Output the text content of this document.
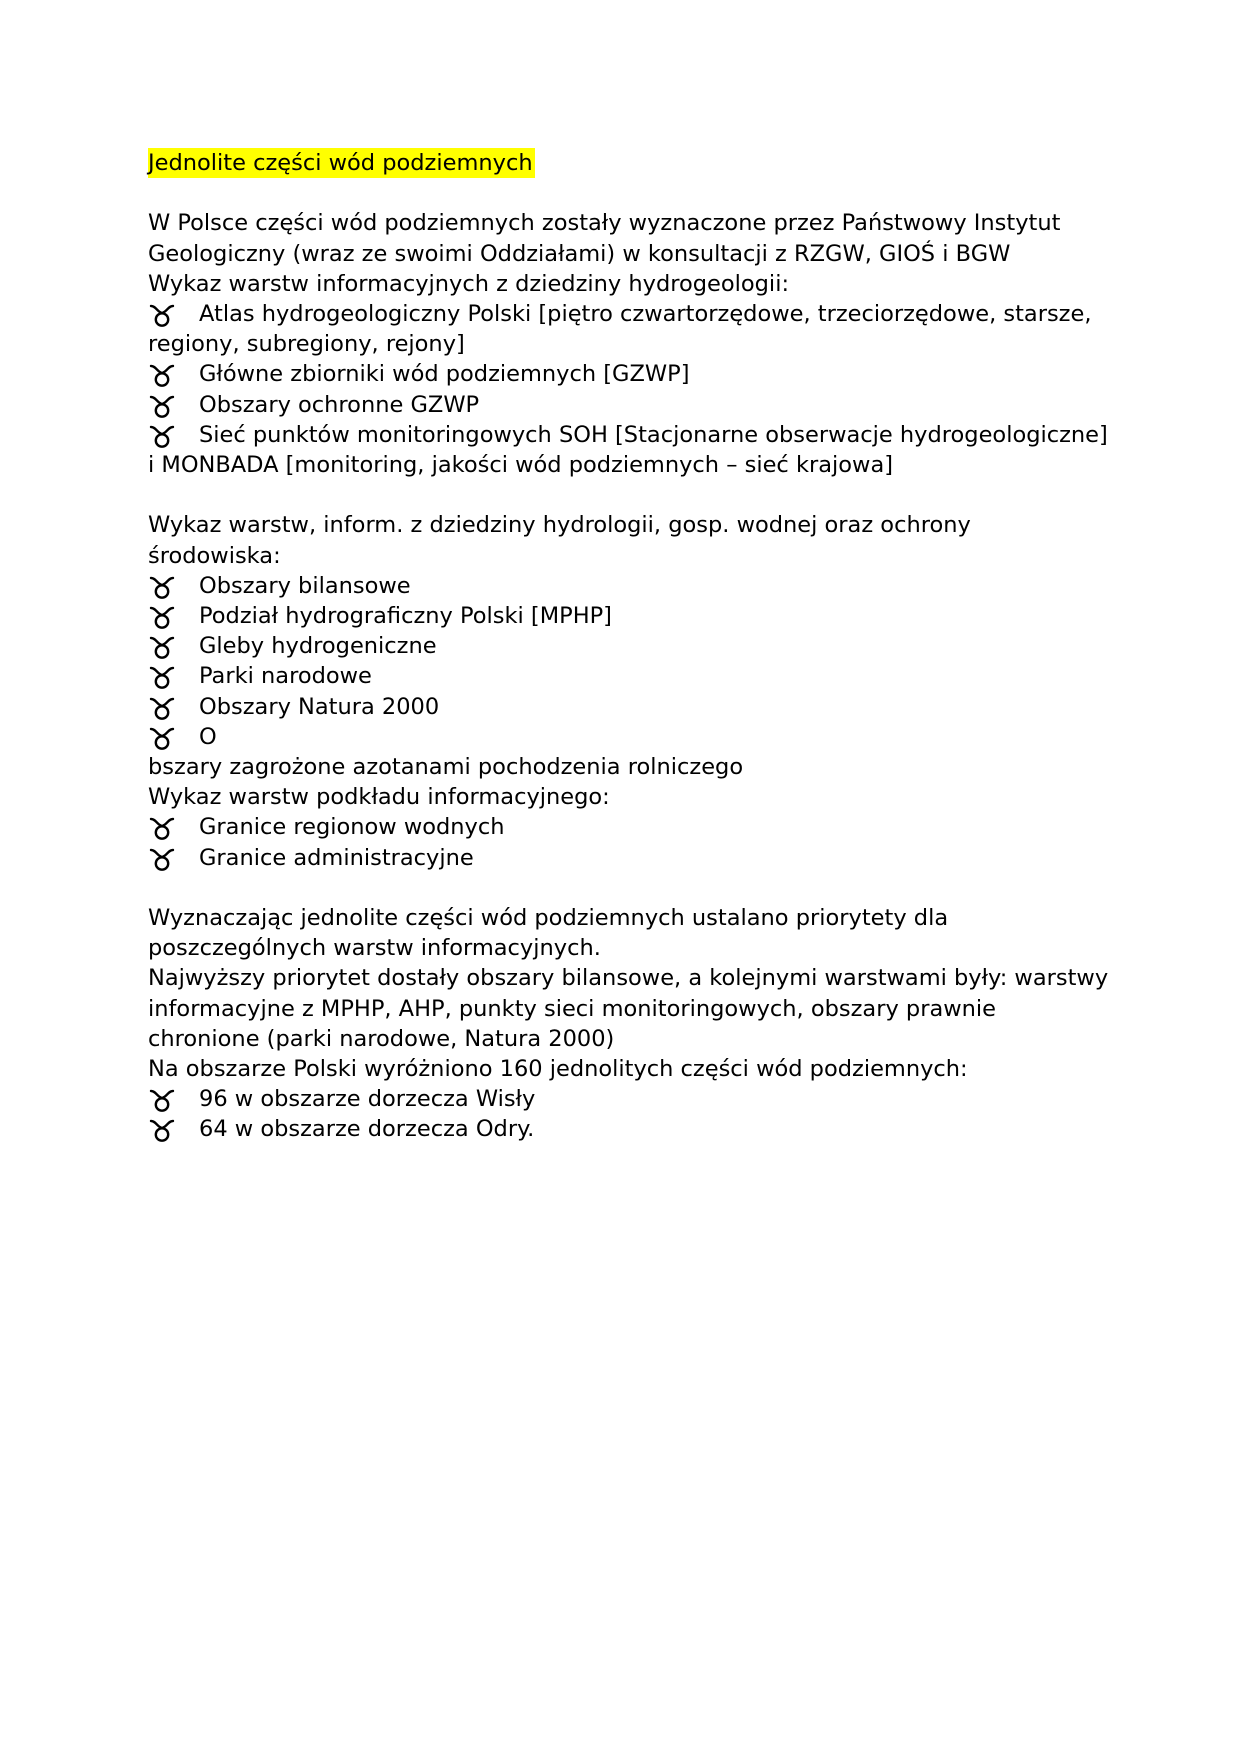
Jednolite części wód podziemnych
W Polsce części wód podziemnych zostały wyznaczone przez Państwowy Instytut
Geologiczny (wraz ze swoimi Oddziałami) w konsultacji z RZGW, GIOŚ i BGW
Wykaz warstw informacyjnych z dziedziny hydrogeologii:
Atlas hydrogeologiczny Polski [piętro czwartorzędowe, trzeciorzędowe, starsze,
regiony, subregiony, rejony]
Główne zbiorniki wód podziemnych [GZWP]
Obszary ochronne GZWP
Sieć punktów monitoringowych SOH [Stacjonarne obserwacje hydrogeologiczne]
i MONBADA [monitoring, jakości wód podziemnych – sieć krajowa]
Wykaz warstw, inform. z dziedziny hydrologii, gosp. wodnej oraz ochrony
środowiska:
Obszary bilansowe
Podział hydrograficzny Polski [MPHP]
Gleby hydrogeniczne
Parki narodowe
Obszary Natura 2000
O
bszary zagrożone azotanami pochodzenia rolniczego
Wykaz warstw podkładu informacyjnego:
Granice regionow wodnych
Granice administracyjne
Wyznaczając jednolite części wód podziemnych ustalano priorytety dla
poszczególnych warstw informacyjnych.
Najwyższy priorytet dostały obszary bilansowe, a kolejnymi warstwami były: warstwy
informacyjne z MPHP, AHP, punkty sieci monitoringowych, obszary prawnie
chronione (parki narodowe, Natura 2000)
Na obszarze Polski wyróżniono 160 jednolitych części wód podziemnych:
96 w obszarze dorzecza Wisły
64 w obszarze dorzecza Odry.
